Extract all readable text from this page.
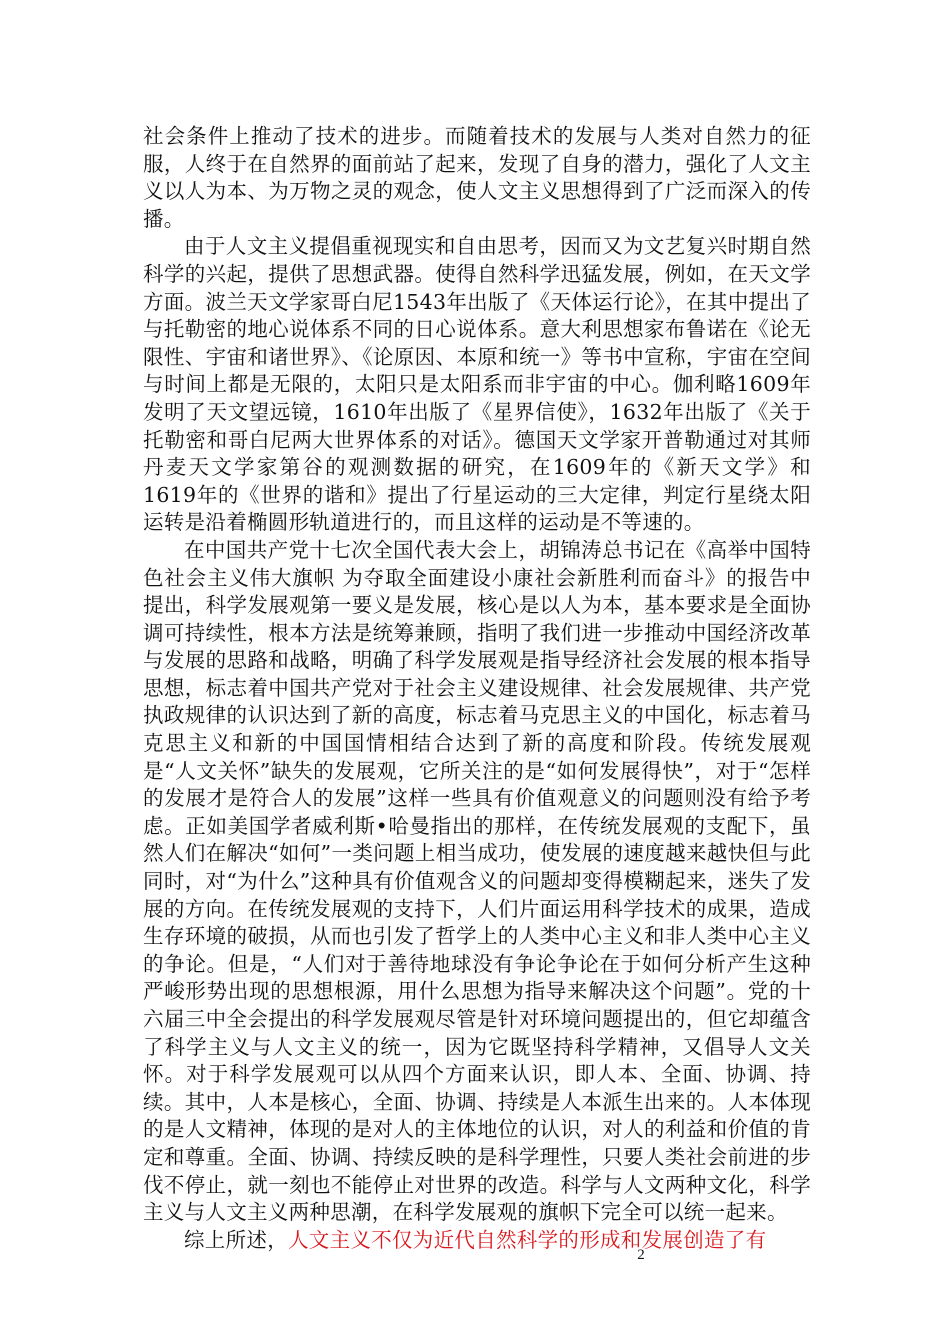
社会条件上推动了技术的进步。而随着技术的发展与人类对自然力的征服，人终于在自然界的面前站了起来，发现了自身的潜力，强化了人文主义以人为本、为万物之灵的观念，使人文主义思想得到了广泛而深入的传播。

由于人文主义提倡重视现实和自由思考，因而又为文艺复兴时期自然科学的兴起，提供了思想武器。使得自然科学迅猛发展，例如，在天文学方面。波兰天文学家哥白尼1543年出版了《天体运行论》，在其中提出了与托勒密的地心说体系不同的日心说体系。意大利思想家布鲁诺在《论无限性、宇宙和诸世界》、《论原因、本原和统一》等书中宣称，宇宙在空间与时间上都是无限的，太阳只是太阳系而非宇宙的中心。伽利略1609年发明了天文望远镜，1610年出版了《星界信使》，1632年出版了《关于托勒密和哥白尼两大世界体系的对话》。德国天文学家开普勒通过对其师丹麦天文学家第谷的观测数据的研究，在1609年的《新天文学》和1619年的《世界的谐和》提出了行星运动的三大定律，判定行星绕太阳运转是沿着椭圆形轨道进行的，而且这样的运动是不等速的。

在中国共产党十七次全国代表大会上，胡锦涛总书记在《高举中国特色社会主义伟大旗帜 为夺取全面建设小康社会新胜利而奋斗》的报告中提出，科学发展观第一要义是发展，核心是以人为本，基本要求是全面协调可持续性，根本方法是统筹兼顾，指明了我们进一步推动中国经济改革与发展的思路和战略，明确了科学发展观是指导经济社会发展的根本指导思想，标志着中国共产党对于社会主义建设规律、社会发展规律、共产党执政规律的认识达到了新的高度，标志着马克思主义的中国化，标志着马克思主义和新的中国国情相结合达到了新的高度和阶段。传统发展观是“人文关怀”缺失的发展观，它所关注的是“如何发展得快”，对于“怎样的发展才是符合人的发展”这样一些具有价值观意义的问题则没有给予考虑。正如美国学者威利斯•哈曼指出的那样，在传统发展观的支配下，虽然人们在解决“如何”一类问题上相当成功，使发展的速度越来越快但与此同时，对“为什么”这种具有价值观含义的问题却变得模糊起来，迷失了发展的方向。在传统发展观的支持下，人们片面运用科学技术的成果，造成生存环境的破损，从而也引发了哲学上的人类中心主义和非人类中心主义的争论。但是，“人们对于善待地球没有争论争论在于如何分析产生这种严峻形势出现的思想根源，用什么思想为指导来解决这个问题”。党的十六届三中全会提出的科学发展观尽管是针对环境问题提出的，但它却蕴含了科学主义与人文主义的统一，因为它既坚持科学精神，又倡导人文关怀。对于科学发展观可以从四个方面来认识，即人本、全面、协调、持续。其中，人本是核心，全面、协调、持续是人本派生出来的。人本体现的是人文精神，体现的是对人的主体地位的认识，对人的利益和价值的肯定和尊重。全面、协调、持续反映的是科学理性，只要人类社会前进的步伐不停止，就一刻也不能停止对世界的改造。科学与人文两种文化，科学主义与人文主义两种思潮，在科学发展观的旗帜下完全可以统一起来。

综上所述，人文主义不仅为近代自然科学的形成和发展创造了有

2
